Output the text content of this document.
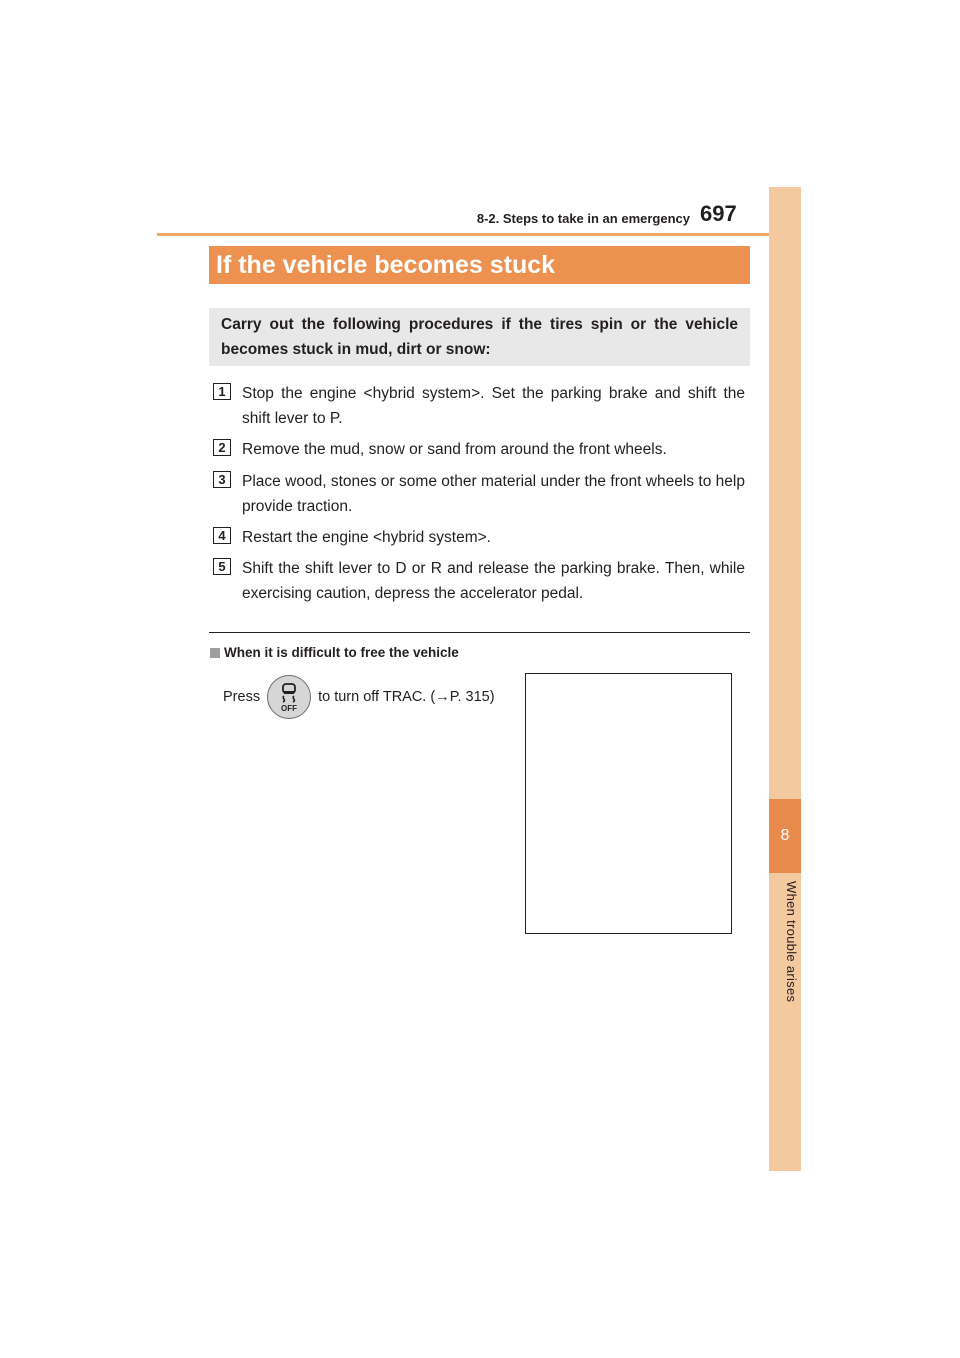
8-2. Steps to take in an emergency 697
8
When trouble arises
If the vehicle becomes stuck
Carry out the following procedures if the tires spin or the vehicle becomes stuck in mud, dirt or snow:
1	Stop the engine <hybrid system>. Set the parking brake and shift the shift lever to P.
2	Remove the mud, snow or sand from around the front wheels.
3	Place wood, stones or some other material under the front wheels to help provide traction.
4	Restart the engine <hybrid system>.
5	Shift the shift lever to D or R and release the parking brake. Then, while exercising caution, depress the accelerator pedal.
When it is difficult to free the vehicle
Press
OFF
to turn off TRAC. (→P. 315)
